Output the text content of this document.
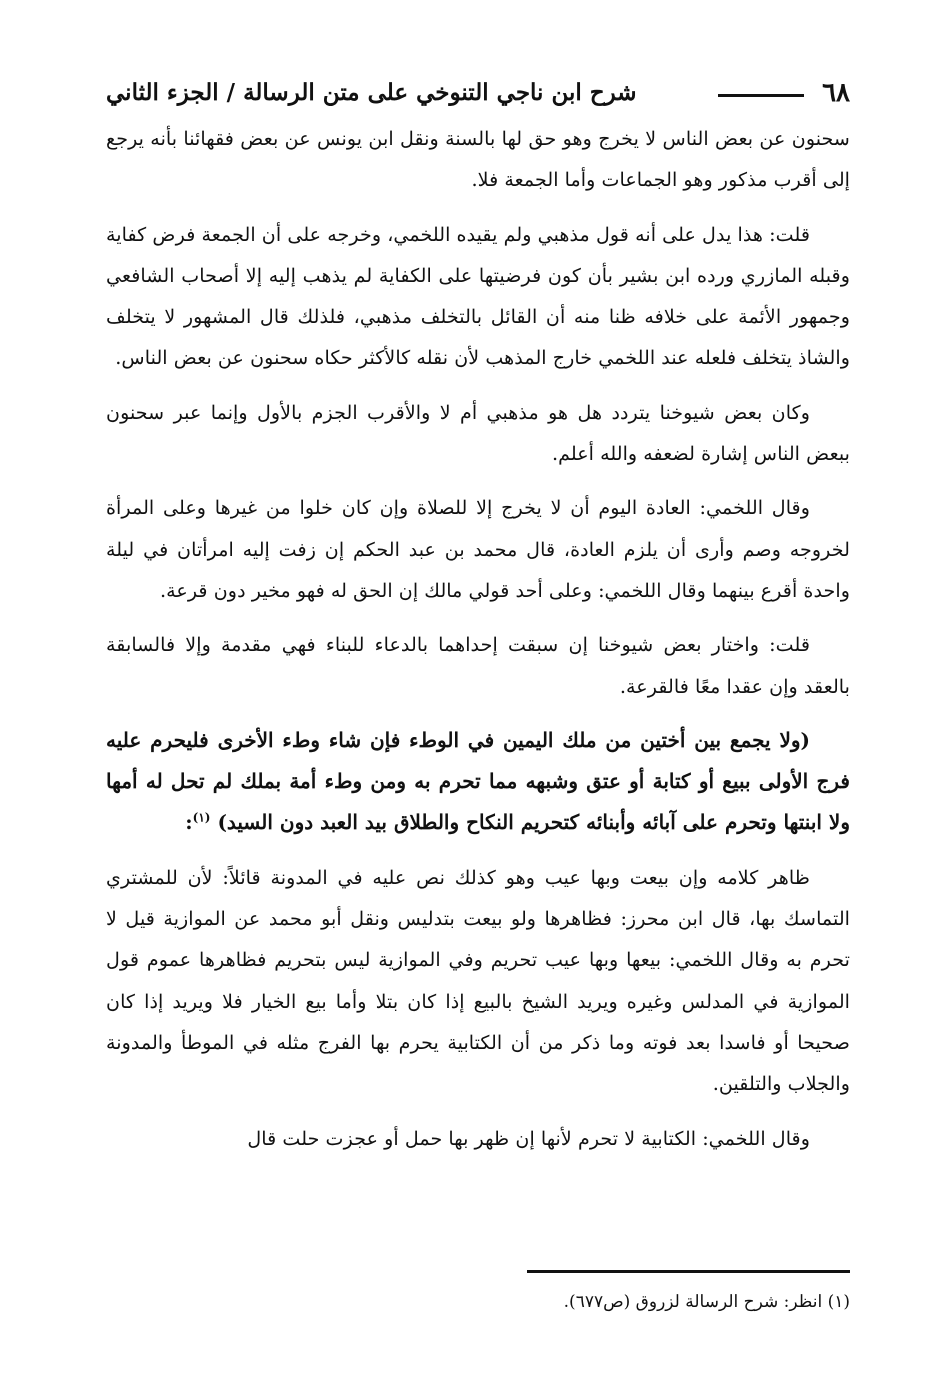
٦٨
شرح ابن ناجي التنوخي على متن الرسالة / الجزء الثاني

سحنون عن بعض الناس لا يخرج وهو حق لها بالسنة ونقل ابن يونس عن بعض فقهائنا بأنه يرجع إلى أقرب مذكور وهو الجماعات وأما الجمعة فلا.

قلت: هذا يدل على أنه قول مذهبي ولم يقيده اللخمي، وخرجه على أن الجمعة فرض كفاية وقبله المازري ورده ابن بشير بأن كون فرضيتها على الكفاية لم يذهب إليه إلا أصحاب الشافعي وجمهور الأئمة على خلافه ظنا منه أن القائل بالتخلف مذهبي، فلذلك قال المشهور لا يتخلف والشاذ يتخلف فلعله عند اللخمي خارج المذهب لأن نقله كالأكثر حكاه سحنون عن بعض الناس.

وكان بعض شيوخنا يتردد هل هو مذهبي أم لا والأقرب الجزم بالأول وإنما عبر سحنون ببعض الناس إشارة لضعفه والله أعلم.

وقال اللخمي: العادة اليوم أن لا يخرج إلا للصلاة وإن كان خلوا من غيرها وعلى المرأة لخروجه وصم وأرى أن يلزم العادة، قال محمد بن عبد الحكم إن زفت إليه امرأتان في ليلة واحدة أقرع بينهما وقال اللخمي: وعلى أحد قولي مالك إن الحق له فهو مخير دون قرعة.

قلت: واختار بعض شيوخنا إن سبقت إحداهما بالدعاء للبناء فهي مقدمة وإلا فالسابقة بالعقد وإن عقدا معًا فالقرعة.

(ولا يجمع بين أختين من ملك اليمين في الوطء فإن شاء وطء الأخرى فليحرم عليه فرج الأولى ببيع أو كتابة أو عتق وشبهه مما تحرم به ومن وطء أمة بملك لم تحل له أمها ولا ابنتها وتحرم على آبائه وأبنائه كتحريم النكاح والطلاق بيد العبد دون السيد) $^{(١)}$:

ظاهر كلامه وإن بيعت وبها عيب وهو كذلك نص عليه في المدونة قائلاً: لأن للمشتري التماسك بها، قال ابن محرز: فظاهرها ولو بيعت بتدليس ونقل أبو محمد عن الموازية قيل لا تحرم به وقال اللخمي: بيعها وبها عيب تحريم وفي الموازية ليس بتحريم فظاهرها عموم قول الموازية في المدلس وغيره ويريد الشيخ بالبيع إذا كان بتلا وأما بيع الخيار فلا ويريد إذا كان صحيحا أو فاسدا بعد فوته وما ذكر من أن الكتابية يحرم بها الفرج مثله في الموطأ والمدونة والجلاب والتلقين.

وقال اللخمي: الكتابية لا تحرم لأنها إن ظهر بها حمل أو عجزت حلت قال

(١) انظر: شرح الرسالة لزروق (ص٦٧٧).
